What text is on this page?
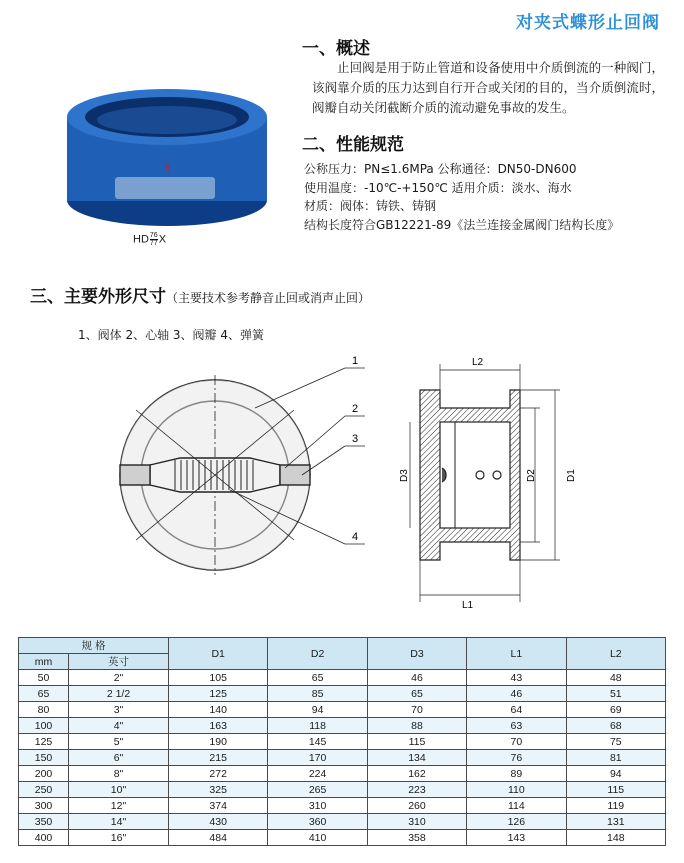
对夹式蝶形止回阀
ᛋ
HD $\frac{76}{77}$ X
一、概述
止回阀是用于防止管道和设备使用中介质倒流的一种阀门，该阀靠介质的压力达到自行开合或关闭的目的，当介质倒流时，阀瓣自动关闭截断介质的流动避免事故的发生。
二、性能规范
公称压力：PN≤1.6MPa 公称通径：DN50-DN600
使用温度：-10℃-+150℃ 适用介质：淡水、海水
材质：阀体：铸铁、铸钢
结构长度符合GB12221-89《法兰连接金属阀门结构长度》
三、主要外形尺寸（主要技术参考静音止回或消声止回）
1、阀体 2、心轴 3、阀瓣 4、弹簧
1
2
3
4
L2
L1
D3	D2	D1
规 格		D1	D2	D3	L1	L2
mm	英寸					
50	2"	105	65	46	43	48
65	2 1/2	125	85	65	46	51
80	3"	140	94	70	64	69
100	4"	163	118	88	63	68
125	5"	190	145	115	70	75
150	6"	215	170	134	76	81
200	8"	272	224	162	89	94
250	10"	325	265	223	110	115
300	12"	374	310	260	114	119
350	14"	430	360	310	126	131
400	16"	484	410	358	143	148
